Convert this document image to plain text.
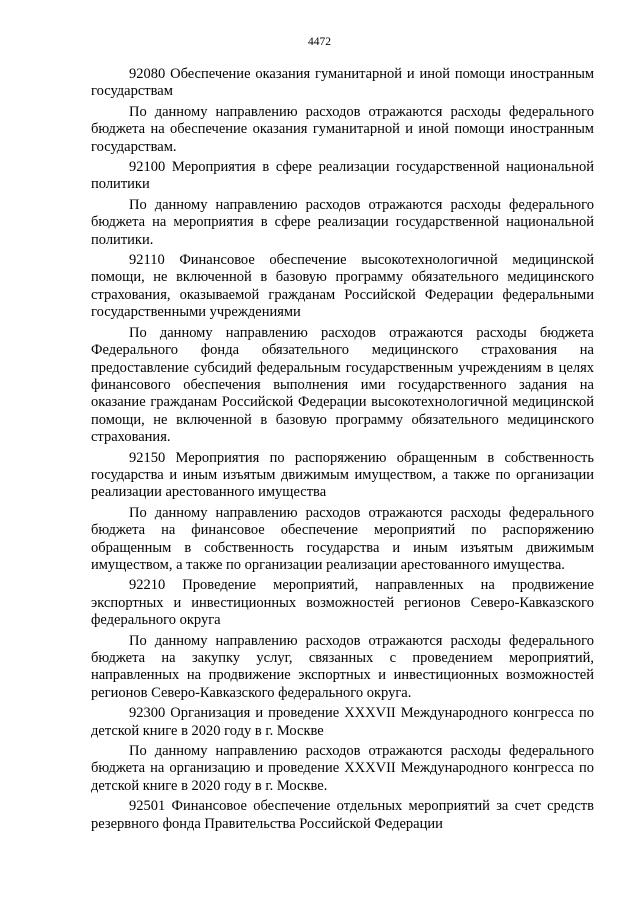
4472

92080 Обеспечение оказания гуманитарной и иной помощи иностранным государствам

По данному направлению расходов отражаются расходы федерального бюджета на обеспечение оказания гуманитарной и иной помощи иностранным государствам.

92100 Мероприятия в сфере реализации государственной национальной политики

По данному направлению расходов отражаются расходы федерального бюджета на мероприятия в сфере реализации государственной национальной политики.

92110 Финансовое обеспечение высокотехнологичной медицинской помощи, не включенной в базовую программу обязательного медицинского страхования, оказываемой гражданам Российской Федерации федеральными государственными учреждениями

По данному направлению расходов отражаются расходы бюджета Федерального фонда обязательного медицинского страхования на предоставление субсидий федеральным государственным учреждениям в целях финансового обеспечения выполнения ими государственного задания на оказание гражданам Российской Федерации высокотехнологичной медицинской помощи, не включенной в базовую программу обязательного медицинского страхования.

92150 Мероприятия по распоряжению обращенным в собственность государства и иным изъятым движимым имуществом, а также по организации реализации арестованного имущества

По данному направлению расходов отражаются расходы федерального бюджета на финансовое обеспечение мероприятий по распоряжению обращенным в собственность государства и иным изъятым движимым имуществом, а также по организации реализации арестованного имущества.

92210 Проведение мероприятий, направленных на продвижение экспортных и инвестиционных возможностей регионов Северо-Кавказского федерального округа

По данному направлению расходов отражаются расходы федерального бюджета на закупку услуг, связанных с проведением мероприятий, направленных на продвижение экспортных и инвестиционных возможностей регионов Северо-Кавказского федерального округа.

92300 Организация и проведение XXXVII Международного конгресса по детской книге в 2020 году в г. Москве

По данному направлению расходов отражаются расходы федерального бюджета на организацию и проведение XXXVII Международного конгресса по детской книге в 2020 году в г. Москве.

92501 Финансовое обеспечение отдельных мероприятий за счет средств резервного фонда Правительства Российской Федерации
